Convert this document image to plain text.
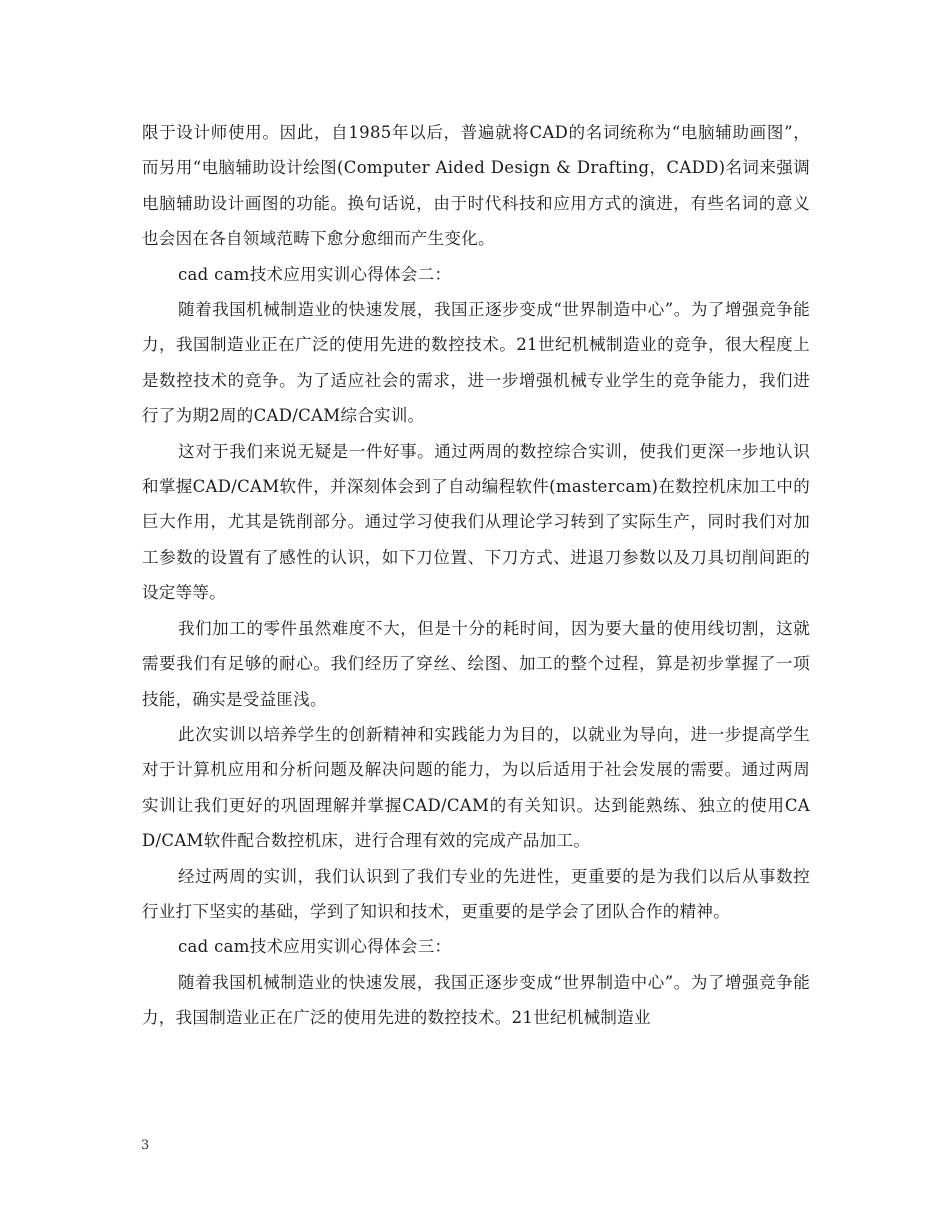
限于设计师使用。因此，自1985年以后，普遍就将CAD的名词统称为“电脑辅助画图”，而另用“电脑辅助设计绘图(Computer Aided Design & Drafting，CADD)名词来强调电脑辅助设计画图的功能。换句话说，由于时代科技和应用方式的演进，有些名词的意义也会因在各自领域范畴下愈分愈细而产生变化。

cad cam技术应用实训心得体会二：

随着我国机械制造业的快速发展，我国正逐步变成“世界制造中心”。为了增强竞争能力，我国制造业正在广泛的使用先进的数控技术。21世纪机械制造业的竞争，很大程度上是数控技术的竞争。为了适应社会的需求，进一步增强机械专业学生的竞争能力，我们进行了为期2周的CAD/CAM综合实训。

这对于我们来说无疑是一件好事。通过两周的数控综合实训，使我们更深一步地认识和掌握CAD/CAM软件，并深刻体会到了自动编程软件(mastercam)在数控机床加工中的巨大作用，尤其是铣削部分。通过学习使我们从理论学习转到了实际生产，同时我们对加工参数的设置有了感性的认识，如下刀位置、下刀方式、进退刀参数以及刀具切削间距的设定等等。

我们加工的零件虽然难度不大，但是十分的耗时间，因为要大量的使用线切割，这就需要我们有足够的耐心。我们经历了穿丝、绘图、加工的整个过程，算是初步掌握了一项技能，确实是受益匪浅。

此次实训以培养学生的创新精神和实践能力为目的，以就业为导向，进一步提高学生对于计算机应用和分析问题及解决问题的能力，为以后适用于社会发展的需要。通过两周实训让我们更好的巩固理解并掌握CAD/CAM的有关知识。达到能熟练、独立的使用CAD/CAM软件配合数控机床，进行合理有效的完成产品加工。

经过两周的实训，我们认识到了我们专业的先进性，更重要的是为我们以后从事数控行业打下坚实的基础，学到了知识和技术，更重要的是学会了团队合作的精神。

cad cam技术应用实训心得体会三：

随着我国机械制造业的快速发展，我国正逐步变成“世界制造中心”。为了增强竞争能力，我国制造业正在广泛的使用先进的数控技术。21世纪机械制造业

3
